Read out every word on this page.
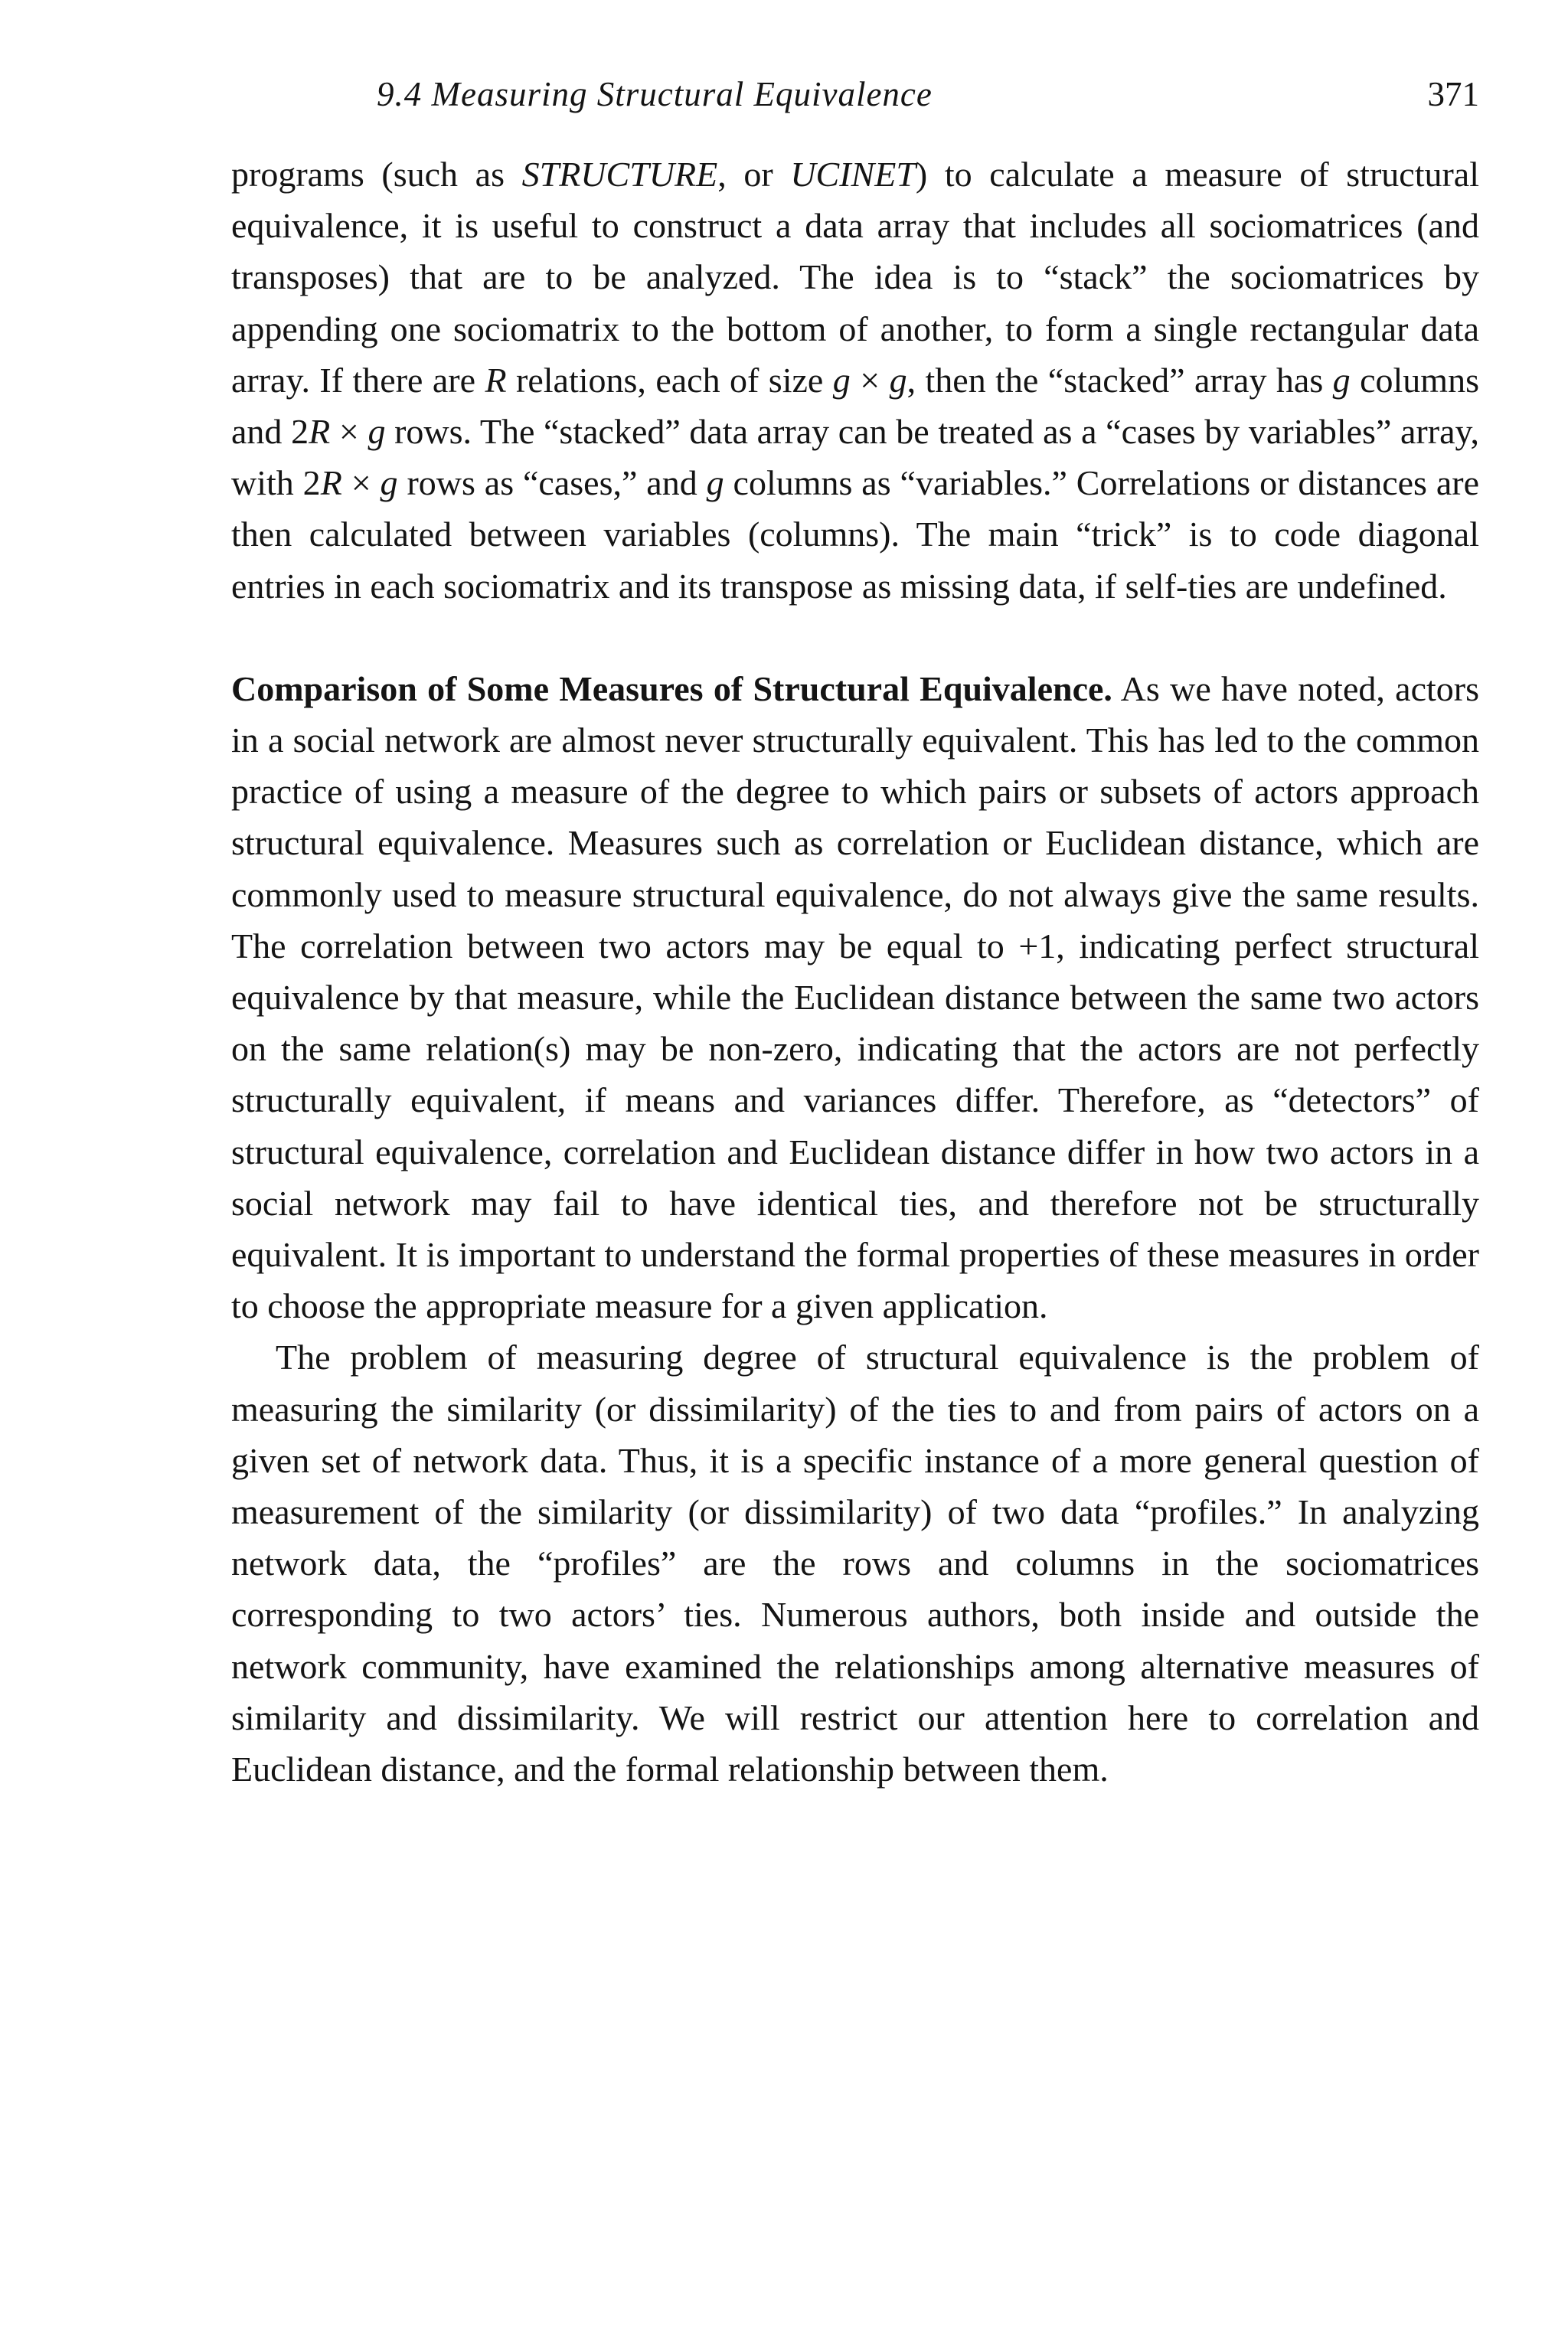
9.4 Measuring Structural Equivalence	371

programs (such as STRUCTURE, or UCINET) to calculate a measure of structural equivalence, it is useful to construct a data array that includes all sociomatrices (and transposes) that are to be analyzed. The idea is to “stack” the sociomatrices by appending one sociomatrix to the bottom of another, to form a single rectangular data array. If there are R relations, each of size g × g, then the “stacked” array has g columns and 2R × g rows. The “stacked” data array can be treated as a “cases by variables” array, with 2R × g rows as “cases,” and g columns as “variables.” Correlations or distances are then calculated between variables (columns). The main “trick” is to code diagonal entries in each sociomatrix and its transpose as missing data, if self-ties are undefined.

Comparison of Some Measures of Structural Equivalence. As we have noted, actors in a social network are almost never structurally equivalent. This has led to the common practice of using a measure of the degree to which pairs or subsets of actors approach structural equivalence. Measures such as correlation or Euclidean distance, which are commonly used to measure structural equivalence, do not always give the same results. The correlation between two actors may be equal to +1, indicating perfect structural equivalence by that measure, while the Euclidean distance between the same two actors on the same relation(s) may be non-zero, indicating that the actors are not perfectly structurally equivalent, if means and variances differ. Therefore, as “detectors” of structural equivalence, correlation and Euclidean distance differ in how two actors in a social network may fail to have identical ties, and therefore not be structurally equivalent. It is important to understand the formal properties of these measures in order to choose the appropriate measure for a given application.

The problem of measuring degree of structural equivalence is the problem of measuring the similarity (or dissimilarity) of the ties to and from pairs of actors on a given set of network data. Thus, it is a specific instance of a more general question of measurement of the similarity (or dissimilarity) of two data “profiles.” In analyzing network data, the “profiles” are the rows and columns in the sociomatrices corresponding to two actors’ ties. Numerous authors, both inside and outside the network community, have examined the relationships among alternative measures of similarity and dissimilarity. We will restrict our attention here to correlation and Euclidean distance, and the formal relationship between them.
